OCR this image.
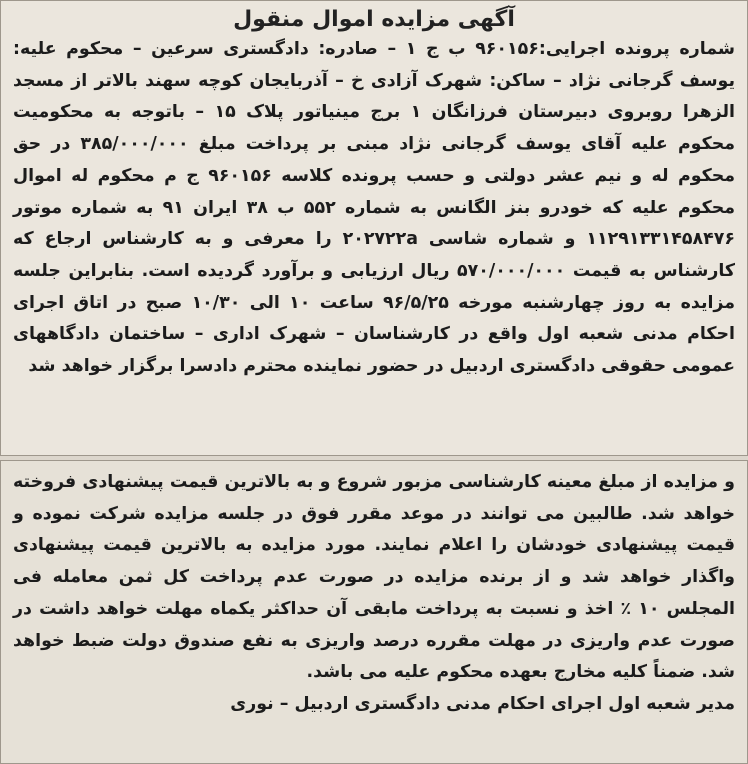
آگهی مزایده اموال منقول
شماره پرونده اجرایی:۹۶۰۱۵۶ ب ج ۱ – صادره: دادگستری سرعین – محکوم علیه: یوسف گرجانی نژاد – ساکن: شهرک آزادی خ – آذربایجان کوچه سهند بالاتر از مسجد الزهرا روبروی دبیرستان فرزانگان ۱ برج مینیاتور پلاک ۱۵ – باتوجه به محکومیت محکوم علیه آقای یوسف گرجانی نژاد مبنی بر پرداخت مبلغ ۳۸۵/۰۰۰/۰۰۰ در حق محکوم له و نیم عشر دولتی و حسب پرونده کلاسه ۹۶۰۱۵۶ ج م محکوم له اموال محکوم علیه که خودرو بنز الگانس به شماره ۵۵۲ ب ۳۸ ایران ۹۱ به شماره موتور ۱۱۲۹۱۳۳۱۴۵۸۴۷۶ و شماره شاسی ۲۰۲۷۲۲a را معرفی و به کارشناس ارجاع که کارشناس به قیمت ۵۷۰/۰۰۰/۰۰۰ ریال ارزیابی و برآورد گردیده است. بنابراین جلسه مزایده به روز چهارشنبه مورخه ۹۶/۵/۲۵ ساعت ۱۰ الی ۱۰/۳۰ صبح در اتاق اجرای احکام مدنی شعبه اول واقع در کارشناسان – شهرک اداری – ساختمان دادگاههای عمومی حقوقی دادگستری اردبیل در حضور نماینده محترم دادسرا برگزار خواهد شد
و مزایده از مبلغ معینه کارشناسی مزبور شروع و به بالاترین قیمت پیشنهادی فروخته خواهد شد. طالبین می توانند در موعد مقرر فوق در جلسه مزایده شرکت نموده و قیمت پیشنهادی خودشان را اعلام نمایند. مورد مزایده به بالاترین قیمت پیشنهادی واگذار خواهد شد و از برنده مزایده در صورت عدم پرداخت کل ثمن معامله فی المجلس ۱۰ ٪ اخذ و نسبت به پرداخت مابقی آن حداکثر یکماه مهلت خواهد داشت در صورت عدم واریزی در مهلت مقرره درصد واریزی به نفع صندوق دولت ضبط خواهد شد. ضمناً کلیه مخارج بعهده محکوم علیه می باشد.
مدیر شعبه اول اجرای احکام مدنی دادگستری اردبیل – نوری
